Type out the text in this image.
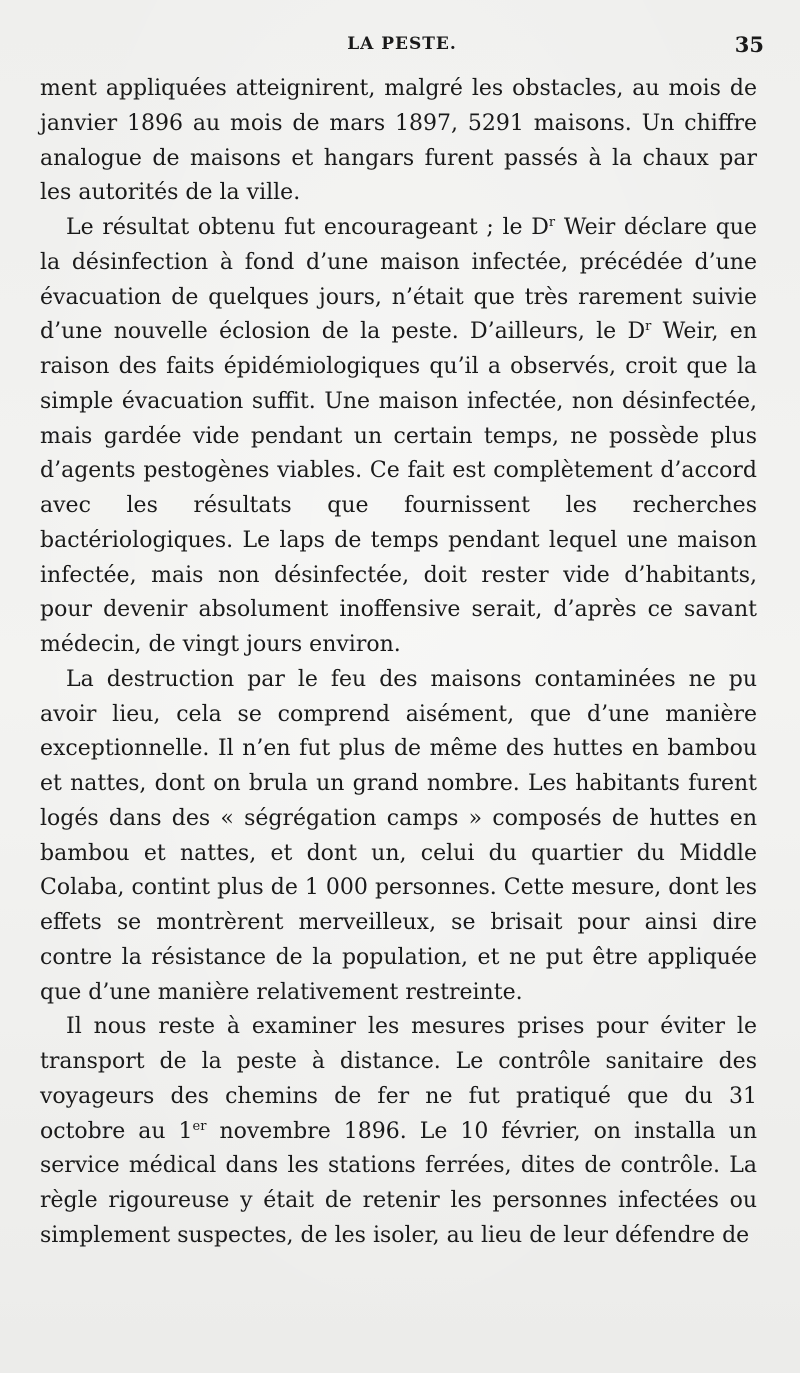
LA PESTE.	35

ment appliquées atteignirent, malgré les obstacles, au mois de janvier 1896 au mois de mars 1897, 5291 maisons. Un chiffre analogue de maisons et hangars furent passés à la chaux par les autorités de la ville.

Le résultat obtenu fut encourageant ; le $D^r$ Weir déclare que la désinfection à fond d’une maison infectée, précédée d’une évacuation de quelques jours, n’était que très rarement suivie d’une nouvelle éclosion de la peste. D’ailleurs, le $D^r$ Weir, en raison des faits épidémiologiques qu’il a observés, croit que la simple évacuation suffit. Une maison infectée, non désinfectée, mais gardée vide pendant un certain temps, ne possède plus d’agents pestogènes viables. Ce fait est complètement d’accord avec les résultats que fournissent les recherches bactériologiques. Le laps de temps pendant lequel une maison infectée, mais non désinfectée, doit rester vide d’habitants, pour devenir absolument inoffensive serait, d’après ce savant médecin, de vingt jours environ.

La destruction par le feu des maisons contaminées ne pu avoir lieu, cela se comprend aisément, que d’une manière exceptionnelle. Il n’en fut plus de même des huttes en bambou et nattes, dont on brula un grand nombre. Les habitants furent logés dans des « ségrégation camps » composés de huttes en bambou et nattes, et dont un, celui du quartier du Middle Colaba, contint plus de 1 000 personnes. Cette mesure, dont les effets se montrèrent merveilleux, se brisait pour ainsi dire contre la résistance de la population, et ne put être appliquée que d’une manière relativement restreinte.

Il nous reste à examiner les mesures prises pour éviter le transport de la peste à distance. Le contrôle sanitaire des voyageurs des chemins de fer ne fut pratiqué que du 31 octobre au 1er novembre 1896. Le 10 février, on installa un service médical dans les stations ferrées, dites de contrôle. La règle rigoureuse y était de retenir les personnes infectées ou simplement suspectes, de les isoler, au lieu de leur défendre de
